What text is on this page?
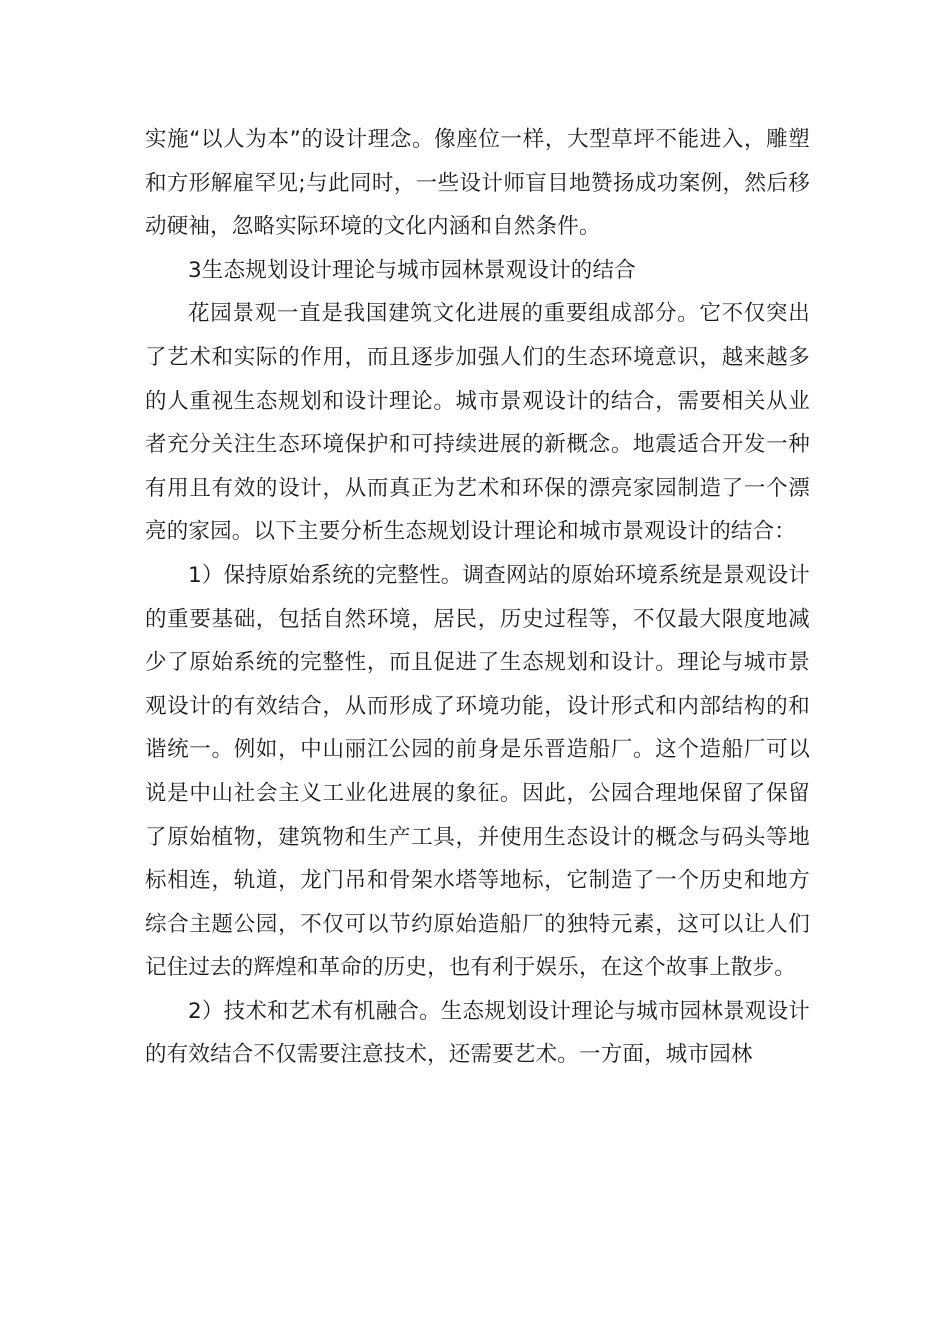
实施“以人为本”的设计理念。像座位一样，大型草坪不能进入，雕塑和方形解雇罕见;与此同时，一些设计师盲目地赞扬成功案例，然后移动硬袖，忽略实际环境的文化内涵和自然条件。

3生态规划设计理论与城市园林景观设计的结合

花园景观一直是我国建筑文化进展的重要组成部分。它不仅突出了艺术和实际的作用，而且逐步加强人们的生态环境意识，越来越多的人重视生态规划和设计理论。城市景观设计的结合，需要相关从业者充分关注生态环境保护和可持续进展的新概念。地震适合开发一种有用且有效的设计，从而真正为艺术和环保的漂亮家园制造了一个漂亮的家园。以下主要分析生态规划设计理论和城市景观设计的结合：

1）保持原始系统的完整性。调查网站的原始环境系统是景观设计的重要基础，包括自然环境，居民，历史过程等，不仅最大限度地减少了原始系统的完整性，而且促进了生态规划和设计。理论与城市景观设计的有效结合，从而形成了环境功能，设计形式和内部结构的和谐统一。例如，中山丽江公园的前身是乐晋造船厂。这个造船厂可以说是中山社会主义工业化进展的象征。因此，公园合理地保留了保留了原始植物，建筑物和生产工具，并使用生态设计的概念与码头等地标相连，轨道，龙门吊和骨架水塔等地标，它制造了一个历史和地方综合主题公园，不仅可以节约原始造船厂的独特元素，这可以让人们记住过去的辉煌和革命的历史，也有利于娱乐，在这个故事上散步。

2）技术和艺术有机融合。生态规划设计理论与城市园林景观设计的有效结合不仅需要注意技术，还需要艺术。一方面，城市园林
